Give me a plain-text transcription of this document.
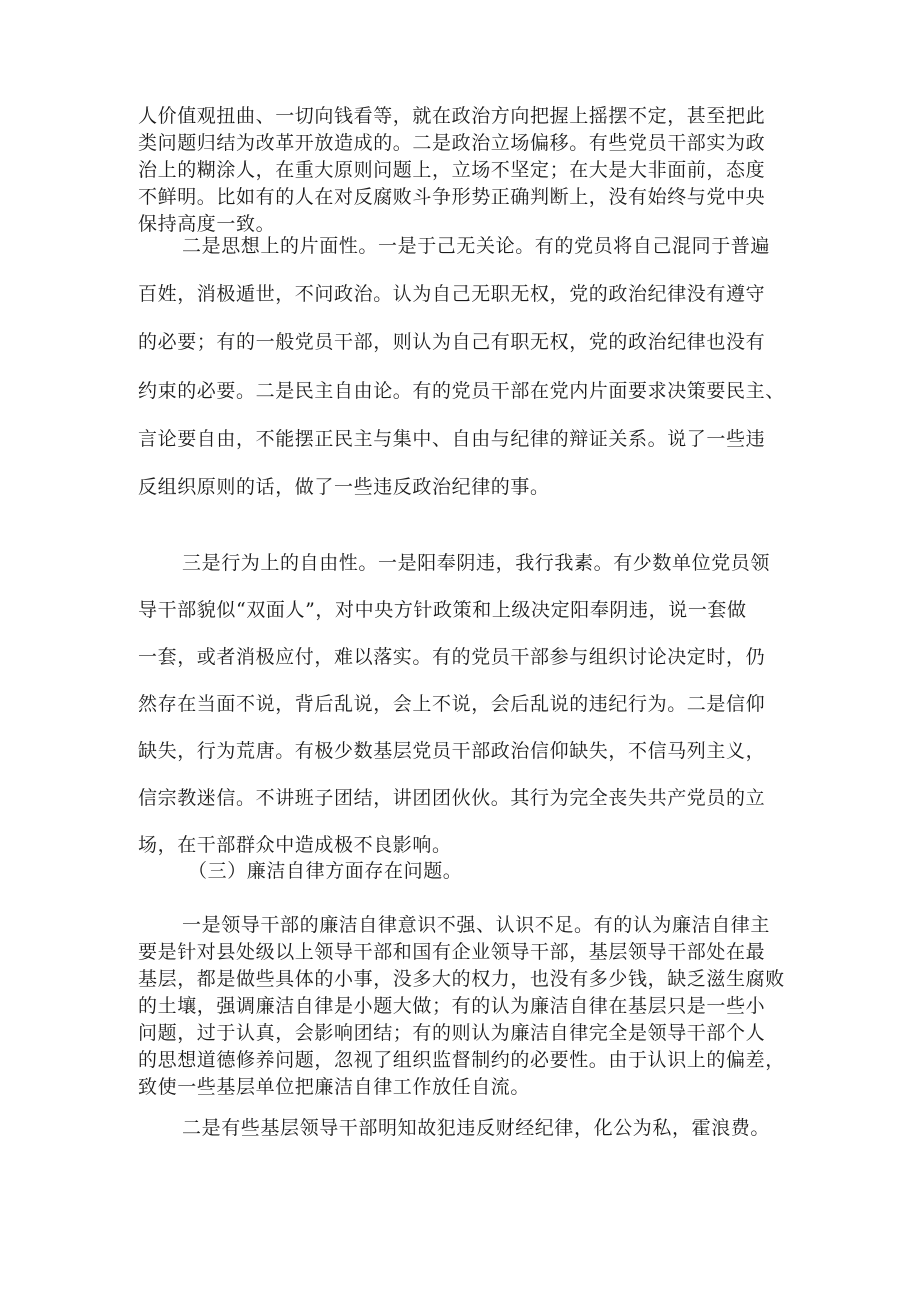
人价值观扭曲、一切向钱看等，就在政治方向把握上摇摆不定，甚至把此
类问题归结为改革开放造成的。二是政治立场偏移。有些党员干部实为政
治上的糊涂人，在重大原则问题上，立场不坚定；在大是大非面前，态度
不鲜明。比如有的人在对反腐败斗争形势正确判断上，没有始终与党中央
保持高度一致。
二是思想上的片面性。一是于己无关论。有的党员将自己混同于普遍
百姓，消极遁世，不问政治。认为自己无职无权，党的政治纪律没有遵守
的必要；有的一般党员干部，则认为自己有职无权，党的政治纪律也没有
约束的必要。二是民主自由论。有的党员干部在党内片面要求决策要民主、
言论要自由，不能摆正民主与集中、自由与纪律的辩证关系。说了一些违
反组织原则的话，做了一些违反政治纪律的事。
三是行为上的自由性。一是阳奉阴违，我行我素。有少数单位党员领
导干部貌似“双面人”，对中央方针政策和上级决定阳奉阴违，说一套做
一套，或者消极应付，难以落实。有的党员干部参与组织讨论决定时，仍
然存在当面不说，背后乱说，会上不说，会后乱说的违纪行为。二是信仰
缺失，行为荒唐。有极少数基层党员干部政治信仰缺失，不信马列主义，
信宗教迷信。不讲班子团结，讲团团伙伙。其行为完全丧失共产党员的立
场，在干部群众中造成极不良影响。
（三）廉洁自律方面存在问题。
一是领导干部的廉洁自律意识不强、认识不足。有的认为廉洁自律主
要是针对县处级以上领导干部和国有企业领导干部，基层领导干部处在最
基层，都是做些具体的小事，没多大的权力，也没有多少钱，缺乏滋生腐败
的土壤，强调廉洁自律是小题大做；有的认为廉洁自律在基层只是一些小
问题，过于认真，会影响团结；有的则认为廉洁自律完全是领导干部个人
的思想道德修养问题，忽视了组织监督制约的必要性。由于认识上的偏差，
致使一些基层单位把廉洁自律工作放任自流。
二是有些基层领导干部明知故犯违反财经纪律，化公为私，霍浪费。
